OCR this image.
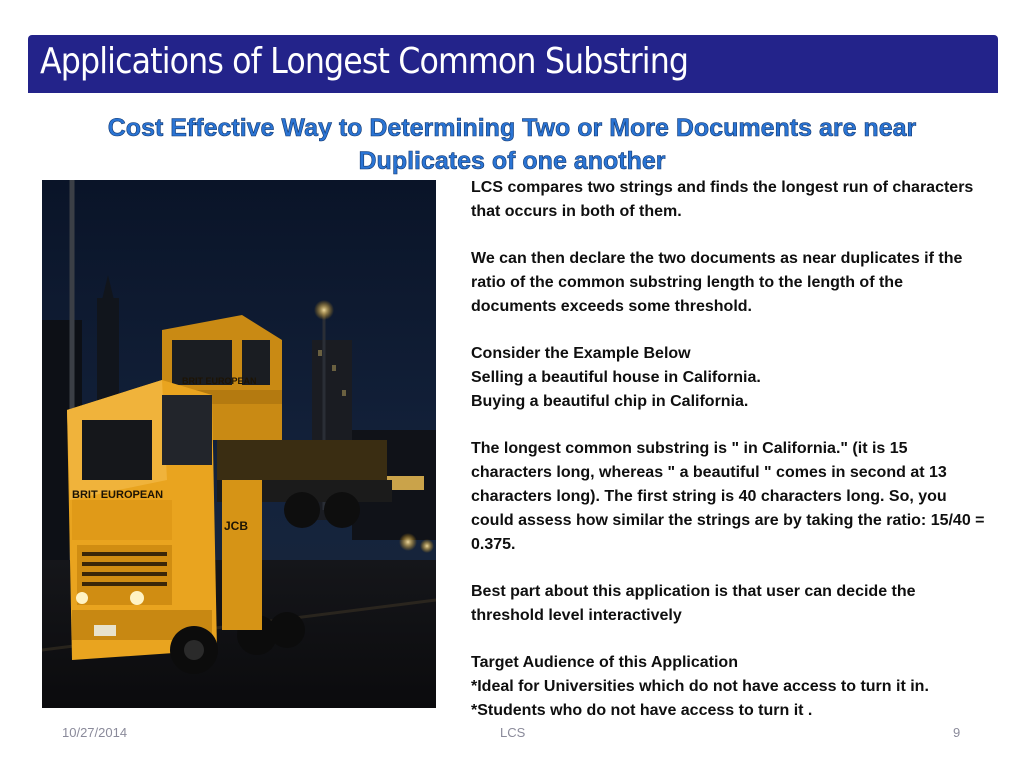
Applications of Longest Common Substring
Cost Effective Way to Determining Two or More Documents are near Duplicates of one another
BRIT EUROPEAN
BRIT EUROPEAN
JCB

LCS compares two strings and finds the longest run of characters that occurs in both of them.

We can then declare the two documents as near duplicates if the ratio of the common substring length to the length of the documents exceeds some threshold.

Consider the Example Below

Selling a beautiful house in California.

Buying a beautiful chip in California.

The longest common substring is " in California." (it is 15 characters long, whereas " a beautiful " comes in second at 13 characters long). The first string is 40 characters long. So, you could assess how similar the strings are by taking the ratio: 15/40 = 0.375.

Best part about this application is that user can decide the threshold level interactively

Target Audience of this Application

*Ideal for Universities which do not have access to turn it in.

*Students who do not have access to turn it .

10/27/2014	LCS	9
